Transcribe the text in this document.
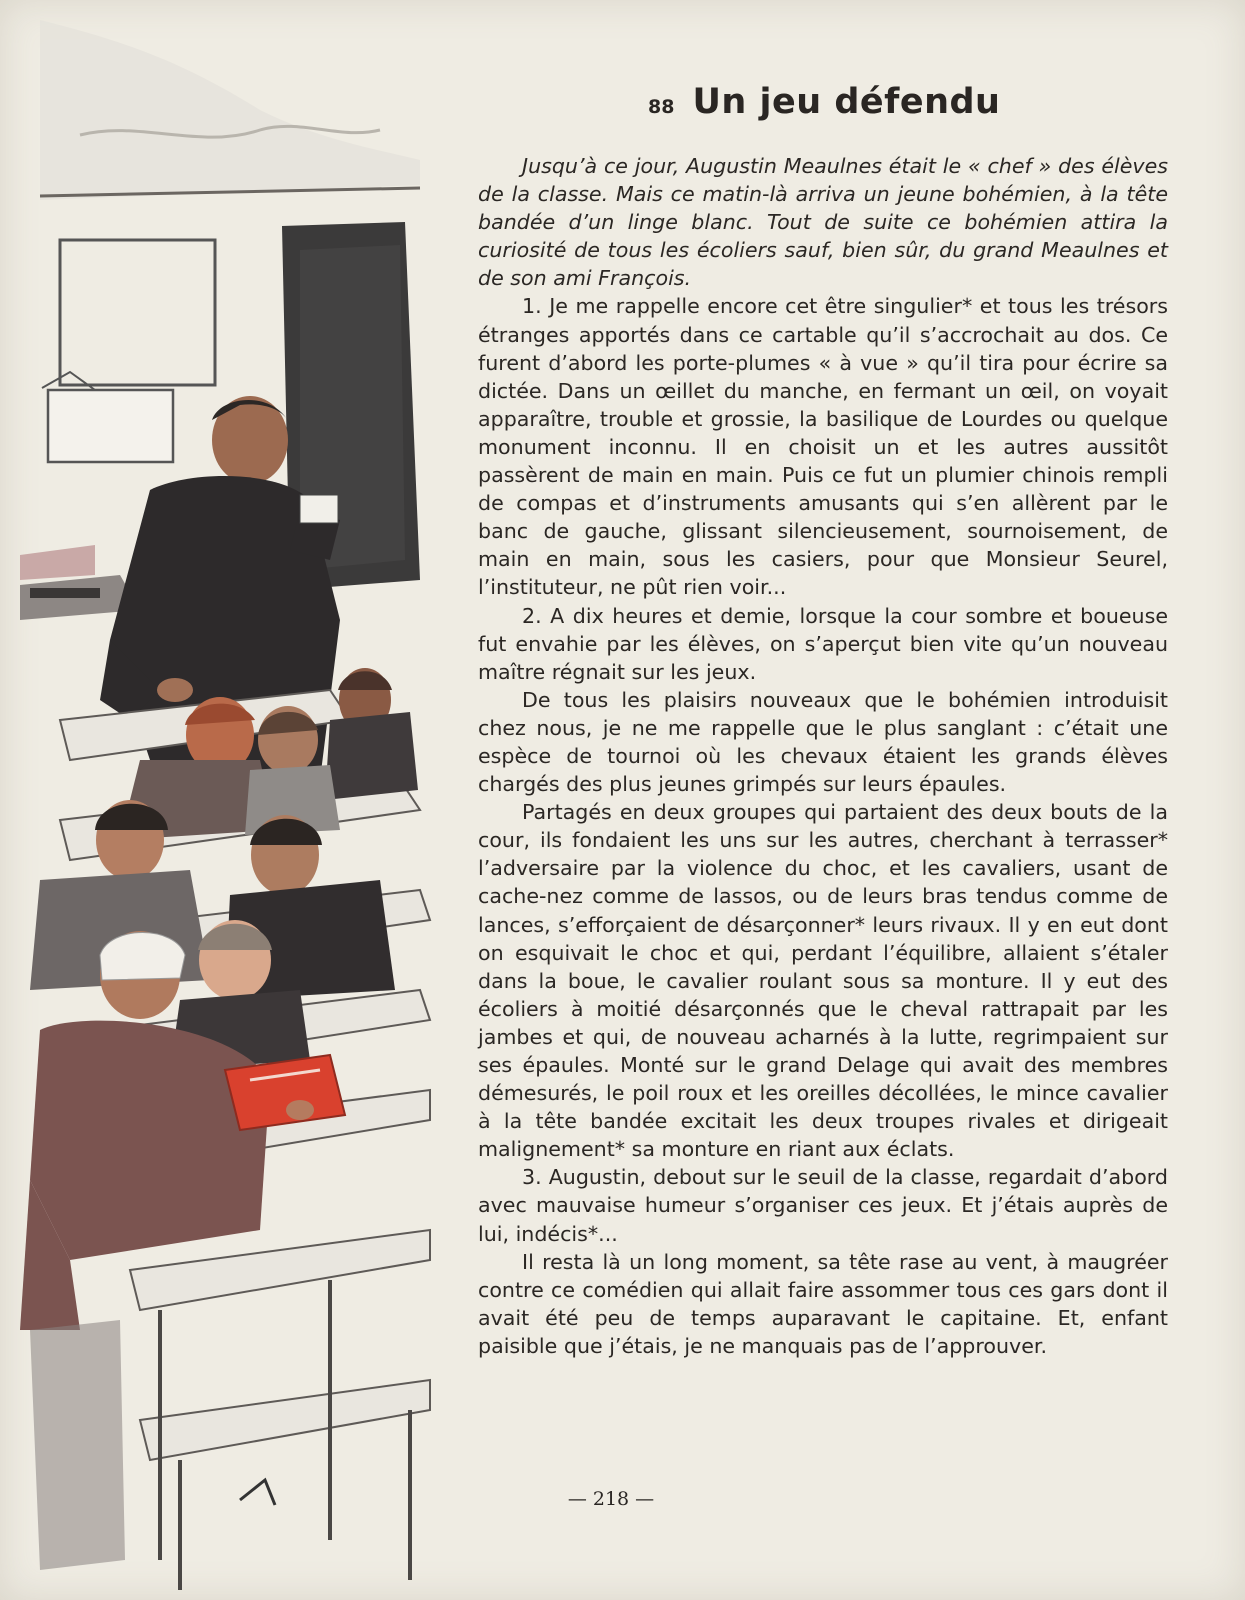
88 Un jeu défendu

Jusqu’à ce jour, Augustin Meaulnes était le « chef » des élèves de la classe. Mais ce matin-là arriva un jeune bohémien, à la tête bandée d’un linge blanc. Tout de suite ce bohémien attira la curiosité de tous les écoliers sauf, bien sûr, du grand Meaulnes et de son ami François.

1. Je me rappelle encore cet être singulier* et tous les trésors étranges apportés dans ce cartable qu’il s’accrochait au dos. Ce furent d’abord les porte-plumes « à vue » qu’il tira pour écrire sa dictée. Dans un œillet du manche, en fermant un œil, on voyait apparaître, trouble et grossie, la basilique de Lourdes ou quelque monument inconnu. Il en choisit un et les autres aussitôt passèrent de main en main. Puis ce fut un plumier chinois rempli de compas et d’instruments amusants qui s’en allèrent par le banc de gauche, glissant silencieusement, sournoisement, de main en main, sous les casiers, pour que Monsieur Seurel, l’instituteur, ne pût rien voir...

2. A dix heures et demie, lorsque la cour sombre et boueuse fut envahie par les élèves, on s’aperçut bien vite qu’un nouveau maître régnait sur les jeux.

De tous les plaisirs nouveaux que le bohémien introduisit chez nous, je ne me rappelle que le plus sanglant : c’était une espèce de tournoi où les chevaux étaient les grands élèves chargés des plus jeunes grimpés sur leurs épaules.

Partagés en deux groupes qui partaient des deux bouts de la cour, ils fondaient les uns sur les autres, cherchant à terrasser* l’adversaire par la violence du choc, et les cavaliers, usant de cache-nez comme de lassos, ou de leurs bras tendus comme de lances, s’efforçaient de désarçonner* leurs rivaux. Il y en eut dont on esquivait le choc et qui, perdant l’équilibre, allaient s’étaler dans la boue, le cavalier roulant sous sa monture. Il y eut des écoliers à moitié désarçonnés que le cheval rattrapait par les jambes et qui, de nouveau acharnés à la lutte, regrimpaient sur ses épaules. Monté sur le grand Delage qui avait des membres démesurés, le poil roux et les oreilles décollées, le mince cavalier à la tête bandée excitait les deux troupes rivales et dirigeait malignement* sa monture en riant aux éclats.

3. Augustin, debout sur le seuil de la classe, regardait d’abord avec mauvaise humeur s’organiser ces jeux. Et j’étais auprès de lui, indécis*...

Il resta là un long moment, sa tête rase au vent, à maugréer contre ce comédien qui allait faire assommer tous ces gars dont il avait été peu de temps auparavant le capitaine. Et, enfant paisible que j’étais, je ne manquais pas de l’approuver.

— 218 —
